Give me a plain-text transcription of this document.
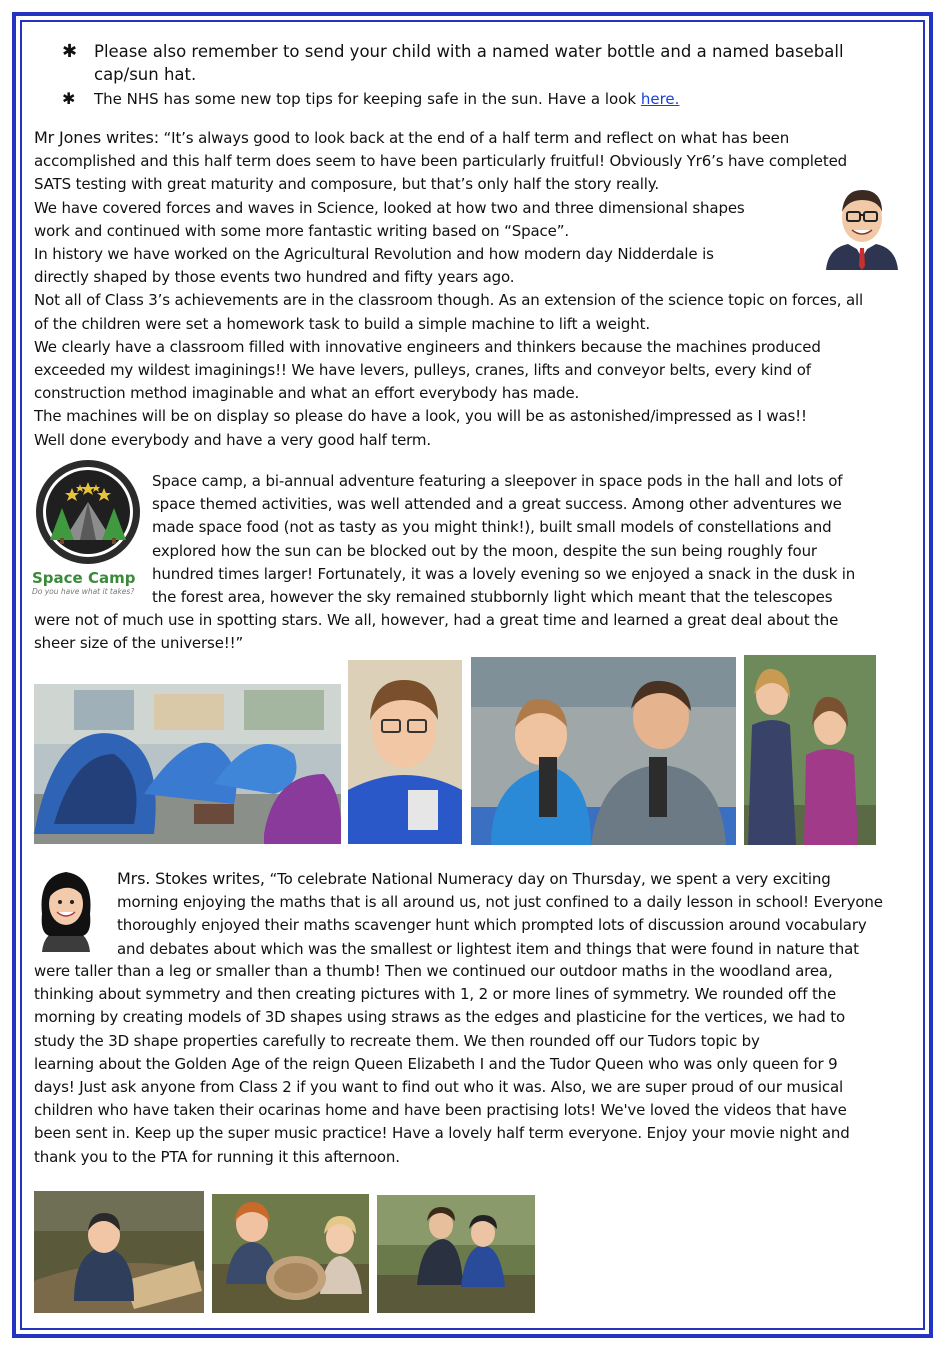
✱ Please also remember to send your child with a named water bottle and a named baseball
cap/sun hat.
✱ The NHS has some new top tips for keeping safe in the sun. Have a look here.

Mr Jones writes: “It’s always good to look back at the end of a half term and reflect on what has been

accomplished and this half term does seem to have been particularly fruitful! Obviously Yr6’s have completed

SATS testing with great maturity and composure, but that’s only half the story really.

We have covered forces and waves in Science, looked at how two and three dimensional shapes

work and continued with some more fantastic writing based on “Space”.

In history we have worked on the Agricultural Revolution and how modern day Nidderdale is

directly shaped by those events two hundred and fifty years ago.

Not all of Class 3’s achievements are in the classroom though. As an extension of the science topic on forces, all

of the children were set a homework task to build a simple machine to lift a weight.

We clearly have a classroom filled with innovative engineers and thinkers because the machines produced

exceeded my wildest imaginings!! We have levers, pulleys, cranes, lifts and conveyor belts, every kind of

construction method imaginable and what an effort everybody has made.

The machines will be on display so please do have a look, you will be as astonished/impressed as I was!!

Well done everybody and have a very good half term.

Space Camp
Do you have what it takes?

Space camp, a bi-annual adventure featuring a sleepover in space pods in the hall and lots of

space themed activities, was well attended and a great success. Among other adventures we

made space food (not as tasty as you might think!), built small models of constellations and

explored how the sun can be blocked out by the moon, despite the sun being roughly four

hundred times larger! Fortunately, it was a lovely evening so we enjoyed a snack in the dusk in

the forest area, however the sky remained stubbornly light which meant that the telescopes

were not of much use in spotting stars. We all, however, had a great time and learned a great deal about the

sheer size of the universe!!”

Mrs. Stokes writes, “To celebrate National Numeracy day on Thursday, we spent a very exciting

morning enjoying the maths that is all around us, not just confined to a daily lesson in school! Everyone

thoroughly enjoyed their maths scavenger hunt which prompted lots of discussion around vocabulary

and debates about which was the smallest or lightest item and things that were found in nature that

were taller than a leg or smaller than a thumb! Then we continued our outdoor maths in the woodland area,

thinking about symmetry and then creating pictures with 1, 2 or more lines of symmetry. We rounded off the

morning by creating models of 3D shapes using straws as the edges and plasticine for the vertices, we had to

study the 3D shape properties carefully to recreate them. We then rounded off our Tudors topic by

learning about the Golden Age of the reign Queen Elizabeth I and the Tudor Queen who was only queen for 9

days! Just ask anyone from Class 2 if you want to find out who it was. Also, we are super proud of our musical

children who have taken their ocarinas home and have been practising lots! We've loved the videos that have

been sent in. Keep up the super music practice! Have a lovely half term everyone. Enjoy your movie night and

thank you to the PTA for running it this afternoon.
